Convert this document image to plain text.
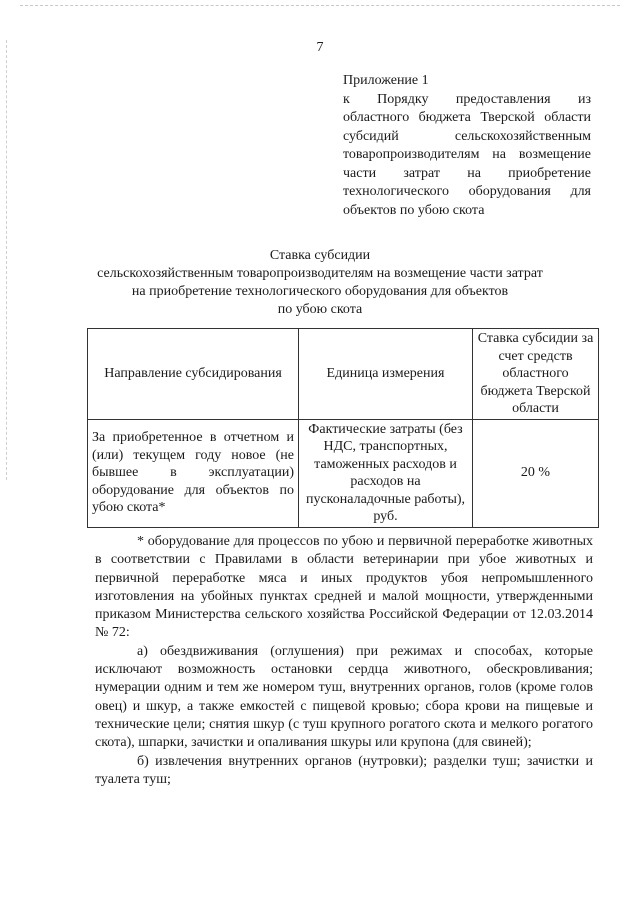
7
Приложение 1
к Порядку предоставления из
областного бюджета Тверской области
субсидий сельскохозяйственным
товаропроизводителям на возмещение
части затрат на приобретение
технологического оборудования для
объектов по убою скота
Ставка субсидии
сельскохозяйственным товаропроизводителям на возмещение части затрат
на приобретение технологического оборудования для объектов
по убою скота
Направление субсидирования	Единица измерения	Ставка субсидии за счет средств областного бюджета Тверской области
За приобретенное в отчетном и (или) текущем году новое (не бывшее в эксплуатации) оборудование для объектов по убою скота*	Фактические затраты (без НДС, транспортных, таможенных расходов и расходов на пусконаладочные работы), руб.	20 %

* оборудование для процессов по убою и первичной переработке животных в соответствии с Правилами в области ветеринарии при убое животных и первичной переработке мяса и иных продуктов убоя непромышленного изготовления на убойных пунктах средней и малой мощности, утвержденными приказом Министерства сельского хозяйства Российской Федерации от 12.03.2014 № 72:

а) обездвиживания (оглушения) при режимах и способах, которые исключают возможность остановки сердца животного, обескровливания; нумерации одним и тем же номером туш, внутренних органов, голов (кроме голов овец) и шкур, а также емкостей с пищевой кровью; сбора крови на пищевые и технические цели; снятия шкур (с туш крупного рогатого скота и мелкого рогатого скота), шпарки, зачистки и опаливания шкуры или крупона (для свиней);

б) извлечения внутренних органов (нутровки); разделки туш; зачистки и туалета туш;
